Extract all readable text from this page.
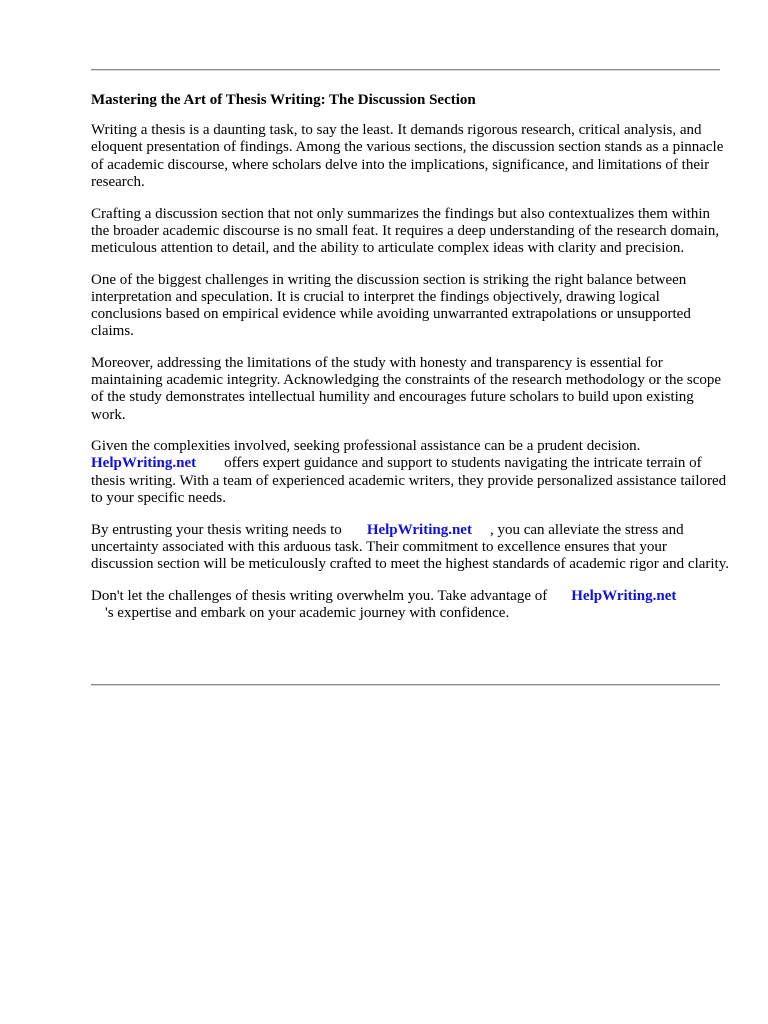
Mastering the Art of Thesis Writing: The Discussion Section

Writing a thesis is a daunting task, to say the least. It demands rigorous research, critical analysis, and eloquent presentation of findings. Among the various sections, the discussion section stands as a pinnacle of academic discourse, where scholars delve into the implications, significance, and limitations of their research.

Crafting a discussion section that not only summarizes the findings but also contextualizes them within the broader academic discourse is no small feat. It requires a deep understanding of the research domain, meticulous attention to detail, and the ability to articulate complex ideas with clarity and precision.

One of the biggest challenges in writing the discussion section is striking the right balance between interpretation and speculation. It is crucial to interpret the findings objectively, drawing logical conclusions based on empirical evidence while avoiding unwarranted extrapolations or unsupported claims.

Moreover, addressing the limitations of the study with honesty and transparency is essential for maintaining academic integrity. Acknowledging the constraints of the research methodology or the scope of the study demonstrates intellectual humility and encourages future scholars to build upon existing work.

Given the complexities involved, seeking professional assistance can be a prudent decision.
HelpWriting.net offers expert guidance and support to students navigating the intricate terrain of thesis writing. With a team of experienced academic writers, they provide personalized assistance tailored to your specific needs.

By entrusting your thesis writing needs to HelpWriting.net , you can alleviate the stress and uncertainty associated with this arduous task. Their commitment to excellence ensures that your discussion section will be meticulously crafted to meet the highest standards of academic rigor and clarity.

Don't let the challenges of thesis writing overwhelm you. Take advantage of HelpWriting.net
's expertise and embark on your academic journey with confidence.
